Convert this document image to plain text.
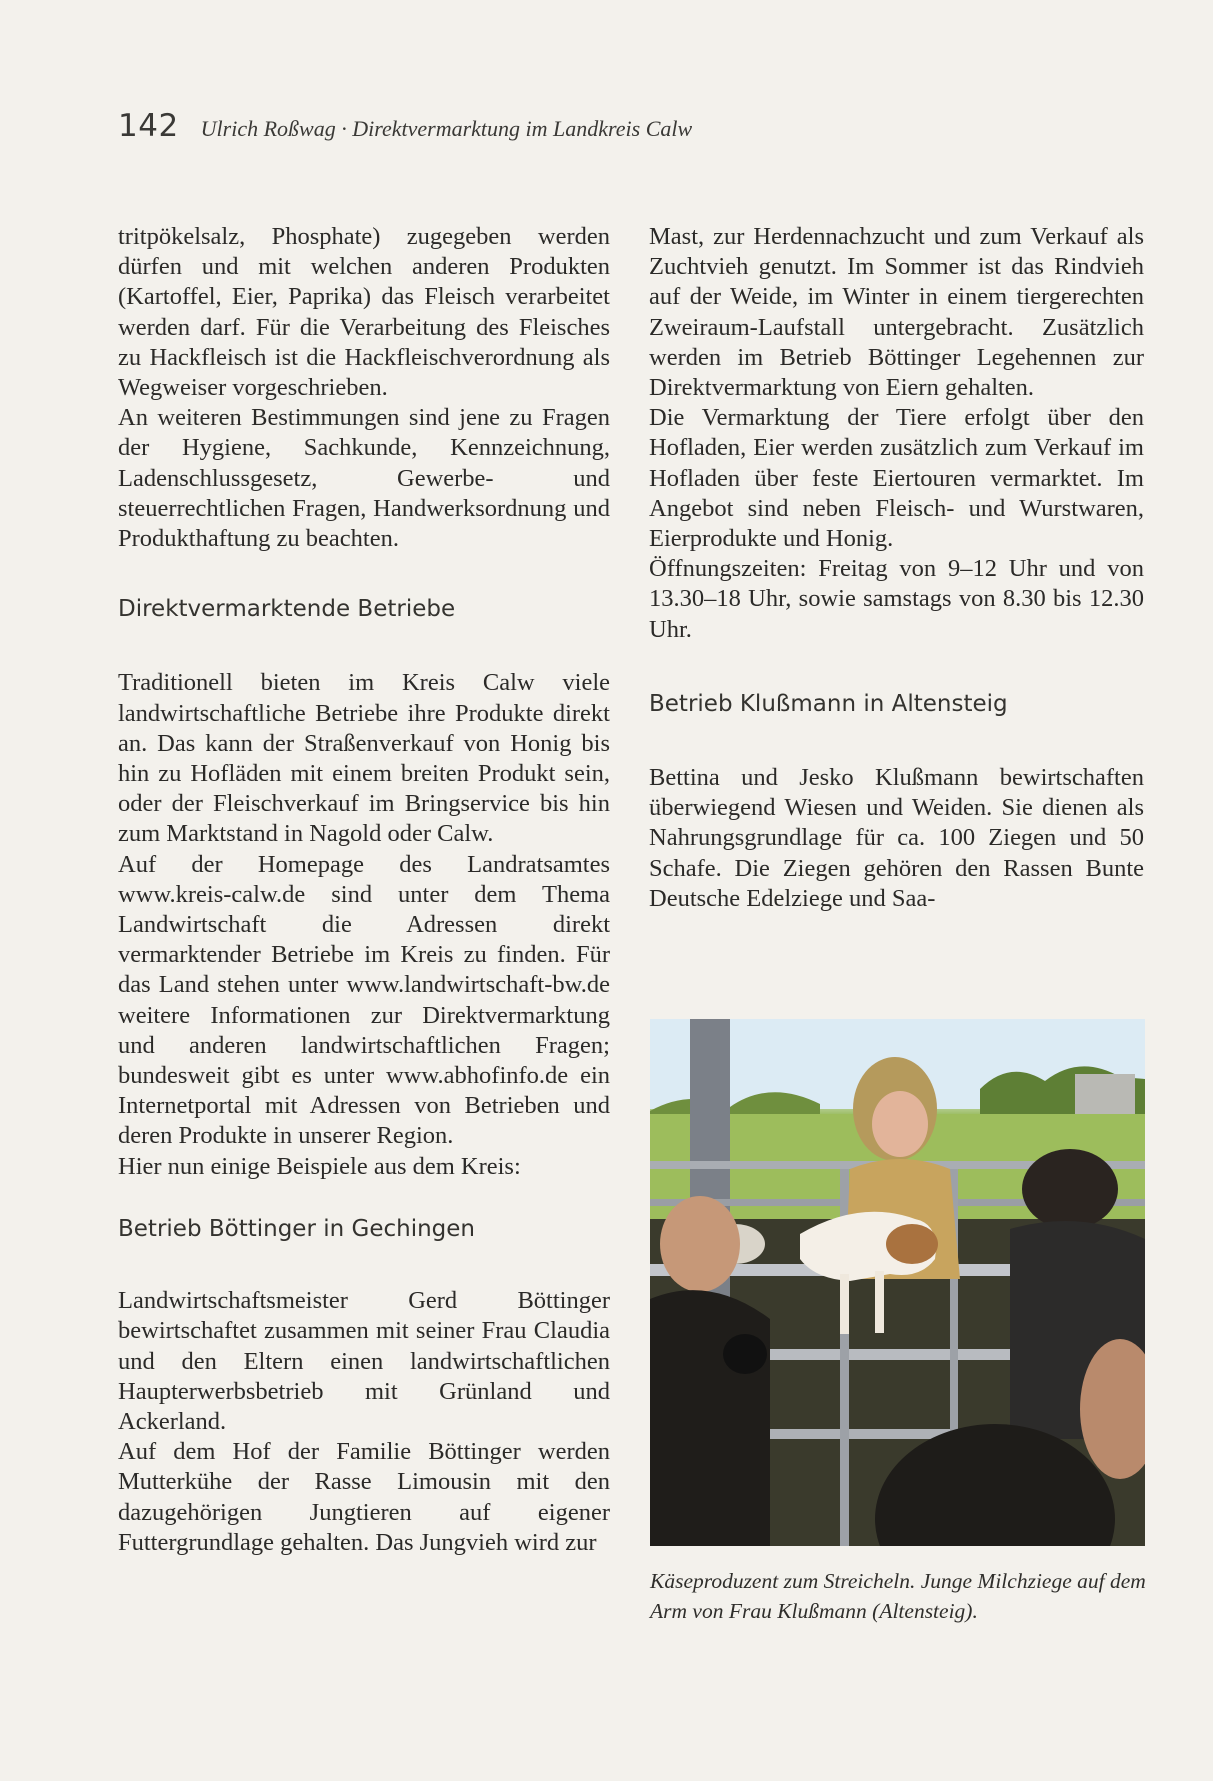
142 Ulrich Roßwag · Direktvermarktung im Landkreis Calw

tritpökelsalz, Phosphate) zugegeben werden dürfen und mit welchen anderen Produkten (Kartoffel, Eier, Paprika) das Fleisch verarbeitet werden darf. Für die Verarbeitung des Fleisches zu Hackfleisch ist die Hackfleischverordnung als Wegweiser vorgeschrieben.

An weiteren Bestimmungen sind jene zu Fragen der Hygiene, Sachkunde, Kennzeichnung, Ladenschlussgesetz, Gewerbe- und steuerrechtlichen Fragen, Handwerksordnung und Produkthaftung zu beachten.

Direktvermarktende Betriebe

Traditionell bieten im Kreis Calw viele landwirtschaftliche Betriebe ihre Produkte direkt an. Das kann der Straßenverkauf von Honig bis hin zu Hofläden mit einem breiten Produkt sein, oder der Fleischverkauf im Bringservice bis hin zum Marktstand in Nagold oder Calw.

Auf der Homepage des Landratsamtes www.kreis-calw.de sind unter dem Thema Landwirtschaft die Adressen direkt vermarktender Betriebe im Kreis zu finden. Für das Land stehen unter www.landwirtschaft-bw.de weitere Informationen zur Direktvermarktung und anderen landwirtschaftlichen Fragen; bundesweit gibt es unter www.abhofinfo.de ein Internetportal mit Adressen von Betrieben und deren Produkte in unserer Region.

Hier nun einige Beispiele aus dem Kreis:

Betrieb Böttinger in Gechingen

Landwirtschaftsmeister Gerd Böttinger bewirtschaftet zusammen mit seiner Frau Claudia und den Eltern einen landwirtschaftlichen Haupterwerbsbetrieb mit Grünland und Ackerland.

Auf dem Hof der Familie Böttinger werden Mutterkühe der Rasse Limousin mit den dazugehörigen Jungtieren auf eigener Futtergrundlage gehalten. Das Jungvieh wird zur

Mast, zur Herdennachzucht und zum Verkauf als Zuchtvieh genutzt. Im Sommer ist das Rindvieh auf der Weide, im Winter in einem tiergerechten Zweiraum-Laufstall untergebracht. Zusätzlich werden im Betrieb Böttinger Legehennen zur Direktvermarktung von Eiern gehalten.

Die Vermarktung der Tiere erfolgt über den Hofladen, Eier werden zusätzlich zum Verkauf im Hofladen über feste Eiertouren vermarktet. Im Angebot sind neben Fleisch- und Wurstwaren, Eierprodukte und Honig.

Öffnungszeiten: Freitag von 9–12 Uhr und von 13.30–18 Uhr, sowie samstags von 8.30 bis 12.30 Uhr.

Betrieb Klußmann in Altensteig

Bettina und Jesko Klußmann bewirtschaften überwiegend Wiesen und Weiden. Sie dienen als Nahrungsgrundlage für ca. 100 Ziegen und 50 Schafe. Die Ziegen gehören den Rassen Bunte Deutsche Edelziege und Saa-

Käseproduzent zum Streicheln. Junge Milchziege auf dem Arm von Frau Klußmann (Altensteig).
